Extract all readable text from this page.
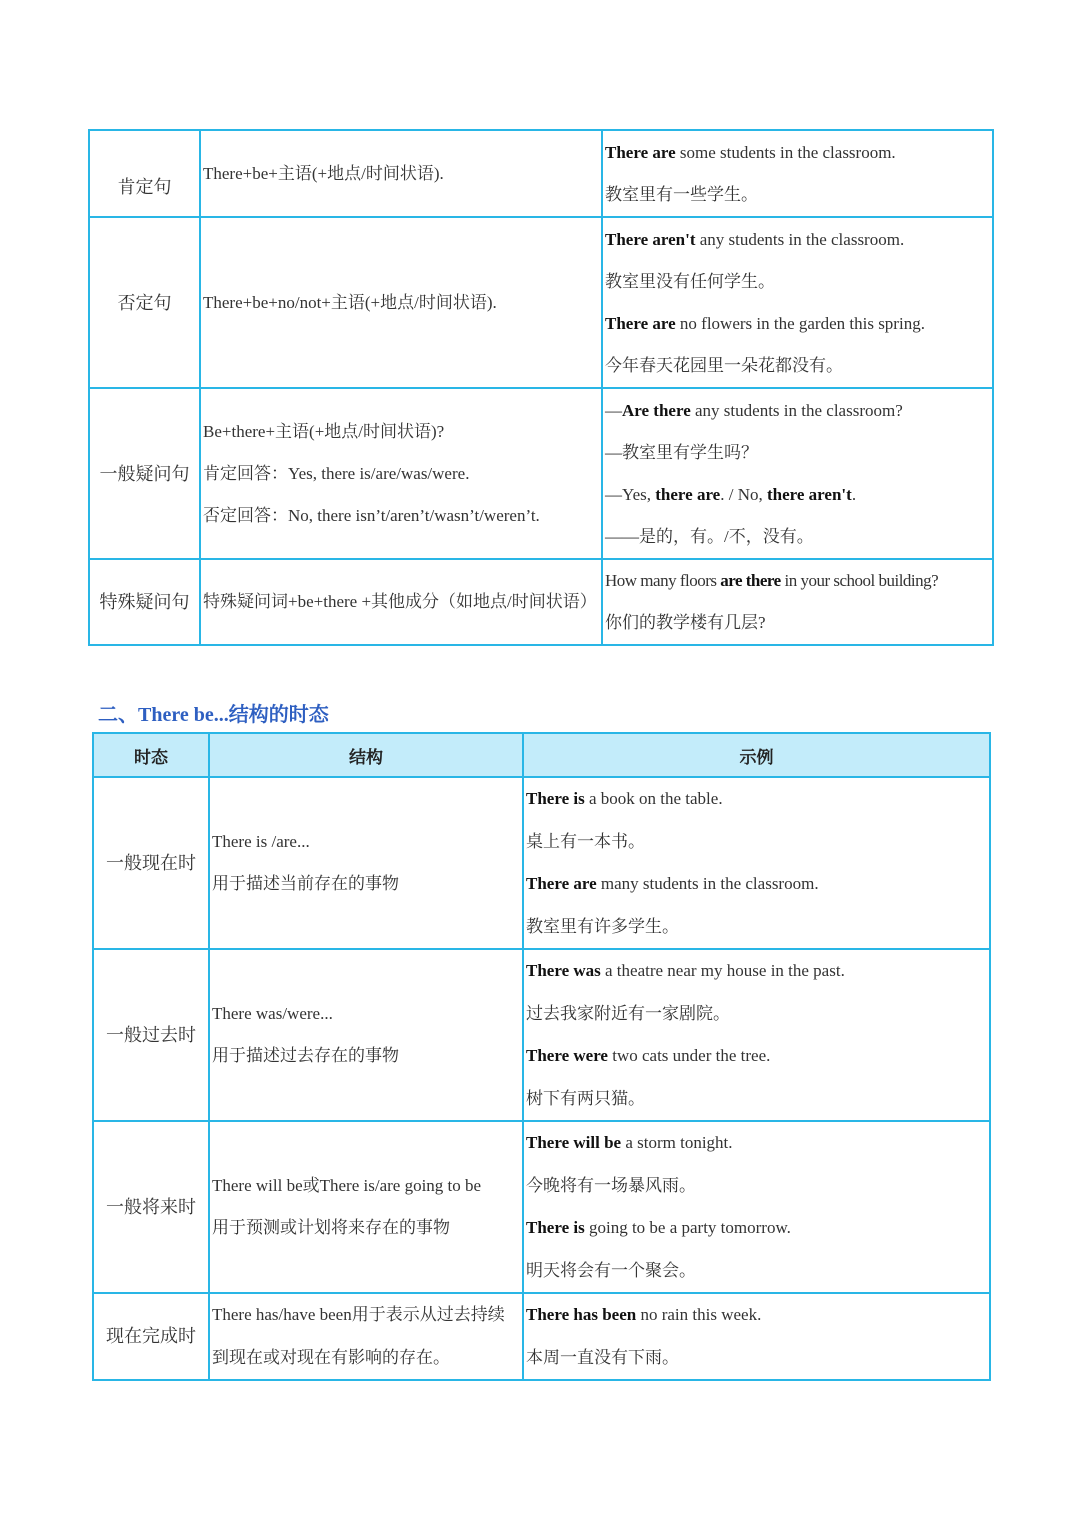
肯定句	There+be+主语(+地点/时间状语).	There are some students in the classroom.
教室里有一些学生。

否定句	There+be+no/not+主语(+地点/时间状语).	There aren't any students in the classroom.
教室里没有任何学生。
There are no flowers in the garden this spring.
今年春天花园里一朵花都没有。

一般疑问句	Be+there+主语(+地点/时间状语)?
肯定回答：Yes, there is/are/was/were.
否定回答：No, there isn’t/aren’t/wasn’t/weren’t.	—Are there any students in the classroom?
—教室里有学生吗？
—Yes, there are. / No, there aren't.
——是的，有。/不，没有。

特殊疑问句	特殊疑问词+be+there +其他成分（如地点/时间状语）	How many floors are there in your school building?
你们的教学楼有几层?
二、There be...结构的时态
时态	结构	示例
一般现在时	There is /are...
用于描述当前存在的事物	There is a book on the table.
桌上有一本书。
There are many students in the classroom.
教室里有许多学生。

一般过去时	There was/were...
用于描述过去存在的事物	There was a theatre near my house in the past.
过去我家附近有一家剧院。
There were two cats under the tree.
树下有两只猫。

一般将来时	There will be或There is/are going to be
用于预测或计划将来存在的事物	There will be a storm tonight.
今晚将有一场暴风雨。
There is going to be a party tomorrow.
明天将会有一个聚会。

现在完成时	There has/have been用于表示从过去持续到现在或对现在有影响的存在。	There has been no rain this week.
本周一直没有下雨。
